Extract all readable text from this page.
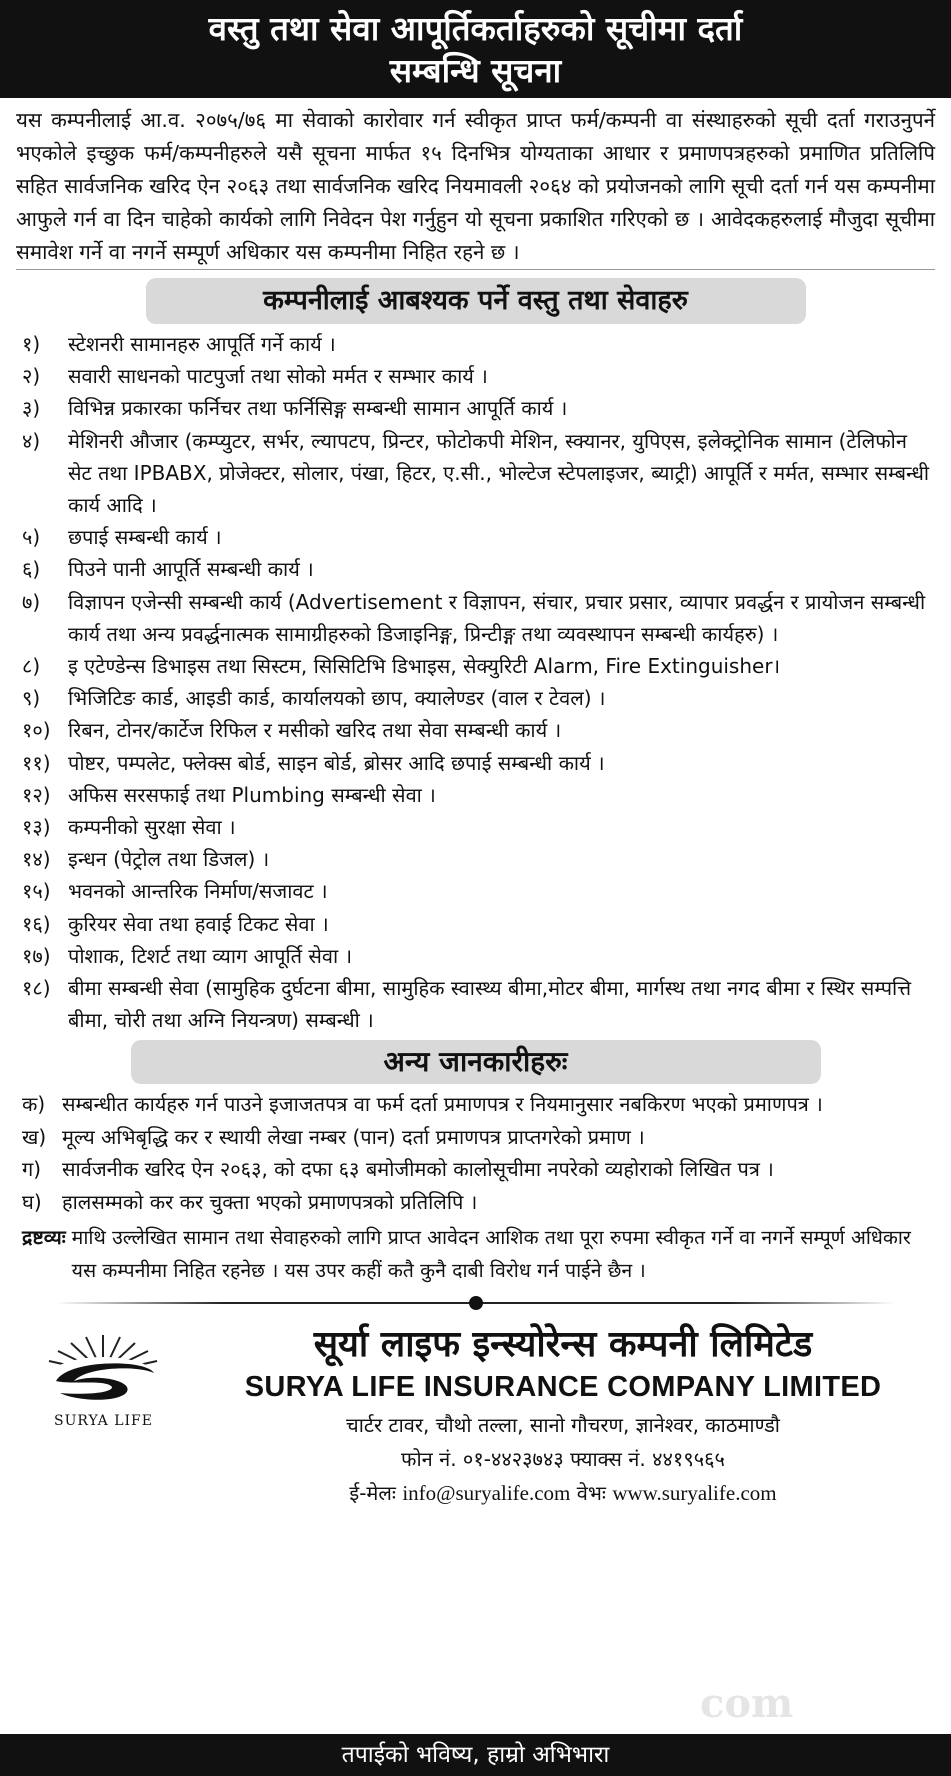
वस्तु तथा सेवा आपूर्तिकर्ताहरुको सूचीमा दर्ता
सम्बन्धि सूचना

यस कम्पनीलाई आ.व. २०७५/७६ मा सेवाको कारोवार गर्न स्वीकृत प्राप्त फर्म/कम्पनी वा संस्थाहरुको सूची दर्ता गराउनुपर्ने भएकोले इच्छुक फर्म/कम्पनीहरुले यसै सूचना मार्फत १५ दिनभित्र योग्यताका आधार र प्रमाणपत्रहरुको प्रमाणित प्रतिलिपि सहित सार्वजनिक खरिद ऐन २०६३ तथा सार्वजनिक खरिद नियमावली २०६४ को प्रयोजनको लागि सूची दर्ता गर्न यस कम्पनीमा आफुले गर्न वा दिन चाहेको कार्यको लागि निवेदन पेश गर्नुहुन यो सूचना प्रकाशित गरिएको छ । आवेदकहरुलाई मौजुदा सूचीमा समावेश गर्ने वा नगर्ने सम्पूर्ण अधिकार यस कम्पनीमा निहित रहने छ ।

कम्पनीलाई आबश्यक पर्ने वस्तु तथा सेवाहरु
१)	स्टेशनरी सामानहरु आपूर्ति गर्ने कार्य ।
२)	सवारी साधनको पाटपुर्जा तथा सोको मर्मत र सम्भार कार्य ।
३)	विभिन्न प्रकारका फर्निचर तथा फर्निसिङ्ग सम्बन्धी सामान आपूर्ति कार्य ।
४)	मेशिनरी औजार (कम्प्युटर, सर्भर, ल्यापटप, प्रिन्टर, फोटोकपी मेशिन, स्क्यानर, युपिएस, इलेक्ट्रोनिक सामान (टेलिफोन सेट तथा IPBABX, प्रोजेक्टर, सोलार, पंखा, हिटर, ए.सी., भोल्टेज स्टेपलाइजर, ब्याट्री) आपूर्ति र मर्मत, सम्भार सम्बन्धी कार्य आदि ।
५)	छपाई सम्बन्धी कार्य ।
६)	पिउने पानी आपूर्ति सम्बन्धी कार्य ।
७)	विज्ञापन एजेन्सी सम्बन्धी कार्य (Advertisement र विज्ञापन, संचार, प्रचार प्रसार, व्यापार प्रवर्द्धन र प्रायोजन सम्बन्धी कार्य तथा अन्य प्रवर्द्धनात्मक सामाग्रीहरुको डिजाइनिङ्ग, प्रिन्टीङ्ग तथा व्यवस्थापन सम्बन्धी कार्यहरु) ।
८)	इ एटेण्डेन्स डिभाइस तथा सिस्टम, सिसिटिभि डिभाइस, सेक्युरिटी Alarm, Fire Extinguisher।
९)	भिजिटिङ कार्ड, आइडी कार्ड, कार्यालयको छाप, क्यालेण्डर (वाल र टेवल) ।
१०) रिबन, टोनर/कार्टेज रिफिल र मसीको खरिद तथा सेवा सम्बन्धी कार्य ।
११) पोष्टर, पम्पलेट, फ्लेक्स बोर्ड, साइन बोर्ड, ब्रोसर आदि छपाई सम्बन्धी कार्य ।
१२) अफिस सरसफाई तथा Plumbing सम्बन्धी सेवा ।
१३) कम्पनीको सुरक्षा सेवा ।
१४) इन्धन (पेट्रोल तथा डिजल) ।
१५) भवनको आन्तरिक निर्माण/सजावट ।
१६) कुरियर सेवा तथा हवाई टिकट सेवा ।
१७) पोशाक, टिशर्ट तथा व्याग आपूर्ति सेवा ।
१८) बीमा सम्बन्धी सेवा (सामुहिक दुर्घटना बीमा, सामुहिक स्वास्थ्य बीमा,मोटर बीमा, मार्गस्थ तथा नगद बीमा र स्थिर सम्पत्ति बीमा, चोरी तथा अग्नि नियन्त्रण) सम्बन्धी ।
अन्य जानकारीहरुः
क) सम्बन्धीत कार्यहरु गर्न पाउने इजाजतपत्र वा फर्म दर्ता प्रमाणपत्र र नियमानुसार नबकिरण भएको प्रमाणपत्र ।
ख) मूल्य अभिबृद्धि कर र स्थायी लेखा नम्बर (पान) दर्ता प्रमाणपत्र प्राप्तगरेको प्रमाण ।
ग)	सार्वजनीक खरिद ऐन २०६३, को दफा ६३ बमोजीमको कालोसूचीमा नपरेको व्यहोराको लिखित पत्र ।
घ)	हालसम्मको कर कर चुक्ता भएको प्रमाणपत्रको प्रतिलिपि ।
द्रष्टव्यः माथि उल्लेखित सामान तथा सेवाहरुको लागि प्राप्त आवेदन आशिक तथा पूरा रुपमा स्वीकृत गर्ने वा नगर्ने सम्पूर्ण अधिकार यस कम्पनीमा निहित रहनेछ । यस उपर कहीं कतै कुनै दाबी विरोध गर्न पाईने छैन ।
SURYA LIFE
सूर्या लाइफ इन्स्योरेन्स कम्पनी लिमिटेड
SURYA LIFE INSURANCE COMPANY LIMITED
चार्टर टावर, चौथो तल्ला, सानो गौचरण, ज्ञानेश्वर, काठमाण्डौ
फोन नं. ०१-४४२३७४३ फ्याक्स नं. ४४१९५६५
ई-मेलः info@suryalife.com वेभः www.suryalife.com
com
तपाईको भविष्य, हाम्रो अभिभारा
